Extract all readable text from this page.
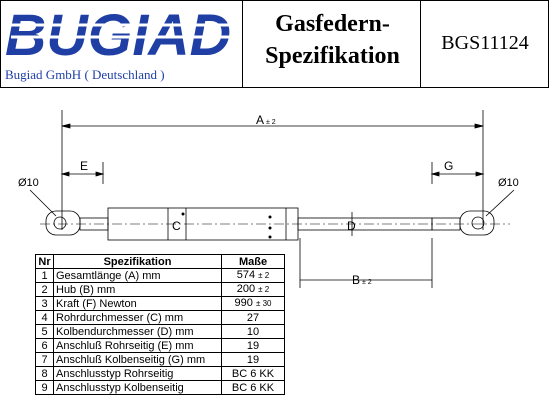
BUGIAD
Bugiad GmbH ( Deutschland )
Gasfedern-
Spezifikation	BGS11124
A ± 2
E	G
C	D
B ± 2
Ø10	Ø10
Nr	Spezifikation	Maße
1	Gesamtlänge (A) mm	574 ± 2
2	Hub (B) mm	200 ± 2
3	Kraft (F) Newton	990 ± 30
4	Rohrdurchmesser (C) mm	27
5	Kolbendurchmesser (D) mm	10
6	Anschluß Rohrseitig (E) mm	19
7	Anschluß Kolbenseitig (G) mm	19
8	Anschlusstyp Rohrseitig	BC 6 KK
9	Anschlusstyp Kolbenseitig	BC 6 KK
